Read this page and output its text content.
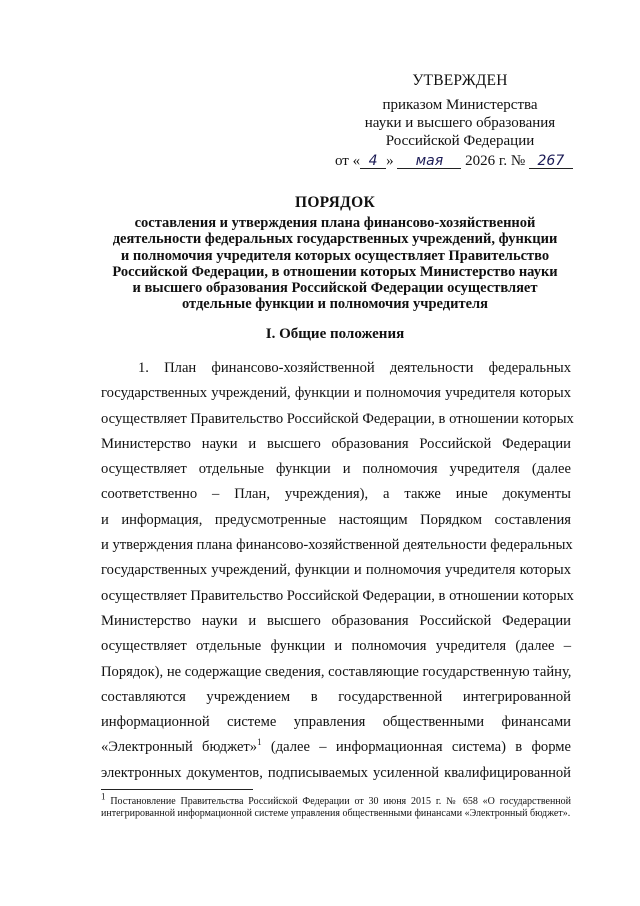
УТВЕРЖДЕН
приказом Министерства
науки и высшего образования
Российской Федерации
от « 4 » мая 2026 г. № 267
ПОРЯДОК
составления и утверждения плана финансово-хозяйственной
деятельности федеральных государственных учреждений, функции
и полномочия учредителя которых осуществляет Правительство
Российской Федерации, в отношении которых Министерство науки
и высшего образования Российской Федерации осуществляет
отдельные функции и полномочия учредителя
I. Общие положения
1. План финансово-хозяйственной деятельности федеральных
государственных учреждений, функции и полномочия учредителя которых
осуществляет Правительство Российской Федерации, в отношении которых
Министерство науки и высшего образования Российской Федерации
осуществляет отдельные функции и полномочия учредителя (далее
соответственно – План, учреждения), а также иные документы
и информация, предусмотренные настоящим Порядком составления
и утверждения плана финансово-хозяйственной деятельности федеральных
государственных учреждений, функции и полномочия учредителя которых
осуществляет Правительство Российской Федерации, в отношении которых
Министерство науки и высшего образования Российской Федерации
осуществляет отдельные функции и полномочия учредителя (далее –
Порядок), не содержащие сведения, составляющие государственную тайну,
составляются учреждением в государственной интегрированной
информационной системе управления общественными финансами
«Электронный бюджет»$^1$ (далее – информационная система) в форме
электронных документов, подписываемых усиленной квалифицированной
$^1$ Постановление Правительства Российской Федерации от 30 июня 2015 г. № 658 «О государственной интегрированной информационной системе управления общественными финансами «Электронный бюджет».
